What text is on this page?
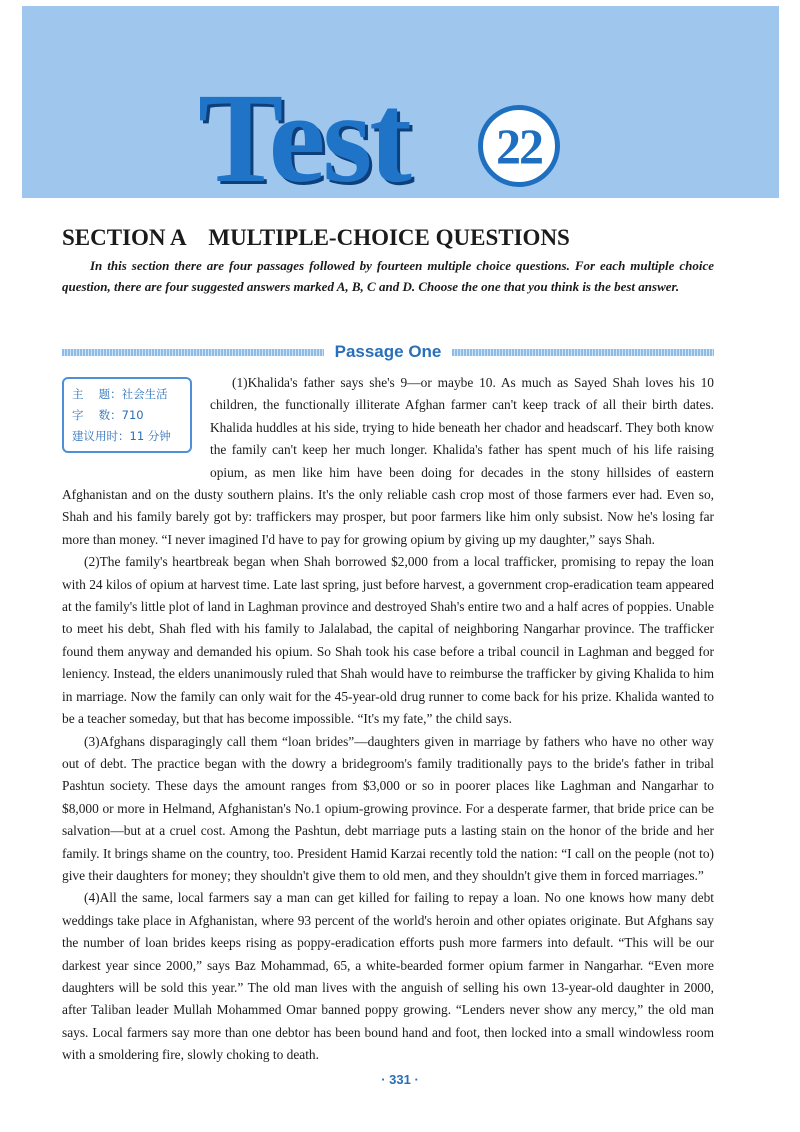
Test 22
SECTION A    MULTIPLE-CHOICE QUESTIONS

In this section there are four passages followed by fourteen multiple choice questions. For each multiple choice question, there are four suggested answers marked A, B, C and D. Choose the one that you think is the best answer.

Passage One
主　 题：社会生活
字　 数：710
建议用时：11 分钟

(1)Khalida's father says she's 9—or maybe 10. As much as Sayed Shah loves his 10 children, the functionally illiterate Afghan farmer can't keep track of all their birth dates. Khalida huddles at his side, trying to hide beneath her chador and headscarf. They both know the family can't keep her much longer. Khalida's father has spent much of his life raising opium, as men like him have been doing for decades in the stony hillsides of eastern Afghanistan and on the dusty southern plains. It's the only reliable cash crop most of those farmers ever had. Even so, Shah and his family barely got by: traffickers may prosper, but poor farmers like him only subsist. Now he's losing far more than money. “I never imagined I'd have to pay for growing opium by giving up my daughter,” says Shah.

(2)The family's heartbreak began when Shah borrowed $2,000 from a local trafficker, promising to repay the loan with 24 kilos of opium at harvest time. Late last spring, just before harvest, a government crop-eradication team appeared at the family's little plot of land in Laghman province and destroyed Shah's entire two and a half acres of poppies. Unable to meet his debt, Shah fled with his family to Jalalabad, the capital of neighboring Nangarhar province. The trafficker found them anyway and demanded his opium. So Shah took his case before a tribal council in Laghman and begged for leniency. Instead, the elders unanimously ruled that Shah would have to reimburse the trafficker by giving Khalida to him in marriage. Now the family can only wait for the 45-year-old drug runner to come back for his prize. Khalida wanted to be a teacher someday, but that has become impossible. “It's my fate,” the child says.

(3)Afghans disparagingly call them “loan brides”—daughters given in marriage by fathers who have no other way out of debt. The practice began with the dowry a bridegroom's family traditionally pays to the bride's father in tribal Pashtun society. These days the amount ranges from $3,000 or so in poorer places like Laghman and Nangarhar to $8,000 or more in Helmand, Afghanistan's No.1 opium-growing province. For a desperate farmer, that bride price can be salvation—but at a cruel cost. Among the Pashtun, debt marriage puts a lasting stain on the honor of the bride and her family. It brings shame on the country, too. President Hamid Karzai recently told the nation: “I call on the people (not to) give their daughters for money; they shouldn't give them to old men, and they shouldn't give them in forced marriages.”

(4)All the same, local farmers say a man can get killed for failing to repay a loan. No one knows how many debt weddings take place in Afghanistan, where 93 percent of the world's heroin and other opiates originate. But Afghans say the number of loan brides keeps rising as poppy-eradication efforts push more farmers into default. “This will be our darkest year since 2000,” says Baz Mohammad, 65, a white-bearded former opium farmer in Nangarhar. “Even more daughters will be sold this year.” The old man lives with the anguish of selling his own 13-year-old daughter in 2000, after Taliban leader Mullah Mohammed Omar banned poppy growing. “Lenders never show any mercy,” the old man says. Local farmers say more than one debtor has been bound hand and foot, then locked into a small windowless room with a smoldering fire, slowly choking to death.

· 331 ·
